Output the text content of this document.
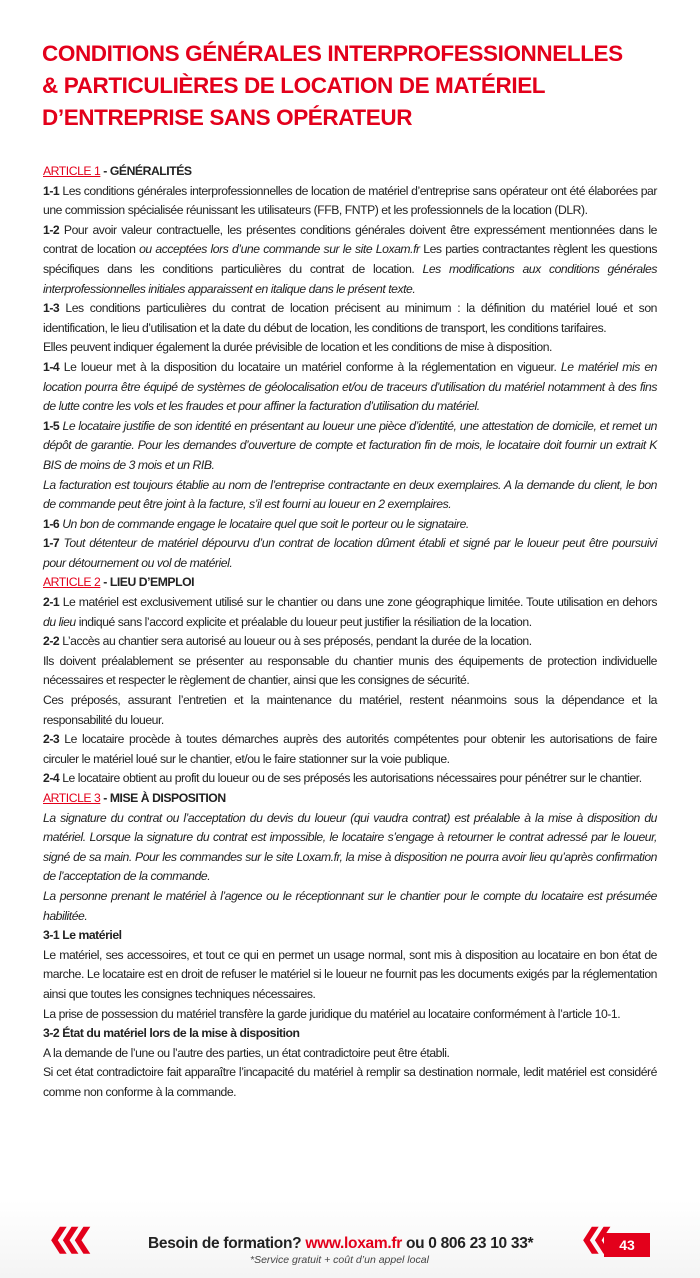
CONDITIONS GÉNÉRALES INTERPROFESSIONNELLES
& PARTICULIÈRES DE LOCATION DE MATÉRIEL
D’ENTREPRISE SANS OPÉRATEUR

ARTICLE 1 - GÉNÉRALITÉS

1-1 Les conditions générales interprofessionnelles de location de matériel d’entreprise sans opérateur ont été élaborées par une commission spécialisée réunissant les utilisateurs (FFB, FNTP) et les professionnels de la location (DLR).

1-2 Pour avoir valeur contractuelle, les présentes conditions générales doivent être expressément mentionnées dans le contrat de location ou acceptées lors d’une commande sur le site Loxam.fr Les parties contractantes règlent les questions spécifiques dans les conditions particulières du contrat de location. Les modifications aux conditions générales interprofessionnelles initiales apparaissent en italique dans le présent texte.

1-3 Les conditions particulières du contrat de location précisent au minimum : la définition du matériel loué et son identification, le lieu d’utilisation et la date du début de location, les conditions de transport, les conditions tarifaires.

Elles peuvent indiquer également la durée prévisible de location et les conditions de mise à disposition.

1-4 Le loueur met à la disposition du locataire un matériel conforme à la réglementation en vigueur. Le matériel mis en location pourra être équipé de systèmes de géolocalisation et/ou de traceurs d’utilisation du matériel notamment à des fins de lutte contre les vols et les fraudes et pour affiner la facturation d’utilisation du matériel.

1-5 Le locataire justifie de son identité en présentant au loueur une pièce d’identité, une attestation de domicile, et remet un dépôt de garantie. Pour les demandes d’ouverture de compte et facturation fin de mois, le locataire doit fournir un extrait K BIS de moins de 3 mois et un RIB.

La facturation est toujours établie au nom de l’entreprise contractante en deux exemplaires. A la demande du client, le bon de commande peut être joint à la facture, s’il est fourni au loueur en 2 exemplaires.

1-6 Un bon de commande engage le locataire quel que soit le porteur ou le signataire.

1-7 Tout détenteur de matériel dépourvu d’un contrat de location dûment établi et signé par le loueur peut être poursuivi pour détournement ou vol de matériel.

ARTICLE 2 - LIEU D’EMPLOI

2-1 Le matériel est exclusivement utilisé sur le chantier ou dans une zone géographique limitée. Toute utilisation en dehors du lieu indiqué sans l’accord explicite et préalable du loueur peut justifier la résiliation de la location.

2-2 L’accès au chantier sera autorisé au loueur ou à ses préposés, pendant la durée de la location.

Ils doivent préalablement se présenter au responsable du chantier munis des équipements de protection individuelle nécessaires et respecter le règlement de chantier, ainsi que les consignes de sécurité.

Ces préposés, assurant l’entretien et la maintenance du matériel, restent néanmoins sous la dépendance et la responsabilité du loueur.

2-3 Le locataire procède à toutes démarches auprès des autorités compétentes pour obtenir les autorisations de faire circuler le matériel loué sur le chantier, et/ou le faire stationner sur la voie publique.

2-4 Le locataire obtient au profit du loueur ou de ses préposés les autorisations nécessaires pour pénétrer sur le chantier.

ARTICLE 3 - MISE À DISPOSITION

La signature du contrat ou l’acceptation du devis du loueur (qui vaudra contrat) est préalable à la mise à disposition du matériel. Lorsque la signature du contrat est impossible, le locataire s’engage à retourner le contrat adressé par le loueur, signé de sa main. Pour les commandes sur le site Loxam.fr, la mise à disposition ne pourra avoir lieu qu’après confirmation de l’acceptation de la commande.

La personne prenant le matériel à l’agence ou le réceptionnant sur le chantier pour le compte du locataire est présumée habilitée.

3-1 Le matériel

Le matériel, ses accessoires, et tout ce qui en permet un usage normal, sont mis à disposition au locataire en bon état de marche. Le locataire est en droit de refuser le matériel si le loueur ne fournit pas les documents exigés par la réglementation ainsi que toutes les consignes techniques nécessaires.

La prise de possession du matériel transfère la garde juridique du matériel au locataire conformément à l’article 10-1.

3-2 État du matériel lors de la mise à disposition

A la demande de l’une ou l’autre des parties, un état contradictoire peut être établi.

Si cet état contradictoire fait apparaître l’incapacité du matériel à remplir sa destination normale, ledit matériel est considéré comme non conforme à la commande.

❮❮❮	Besoin de formation? www.loxam.fr ou 0 806 23 10 33*
*Service gratuit + coût d’un appel local
❮❮	43
